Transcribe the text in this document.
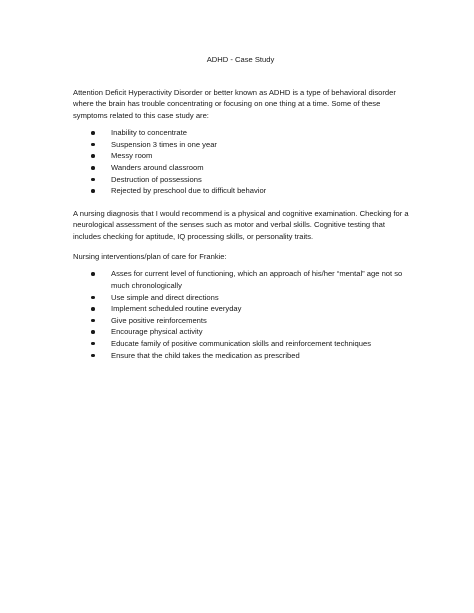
ADHD - Case Study

Attention Deficit Hyperactivity Disorder or better known as ADHD is a type of behavioral disorder where the brain has trouble concentrating or focusing on one thing at a time. Some of these symptoms related to this case study are:

Inability to concentrate
Suspension 3 times in one year
Messy room
Wanders around classroom
Destruction of possessions
Rejected by preschool due to difficult behavior

A nursing diagnosis that I would recommend is a physical and cognitive examination. Checking for a neurological assessment of the senses such as motor and verbal skills. Cognitive testing that includes checking for aptitude, IQ processing skills, or personality traits.

Nursing interventions/plan of care for Frankie:

Asses for current level of functioning, which an approach of his/her “mental” age not so much chronologically
Use simple and direct directions
Implement scheduled routine everyday
Give positive reinforcements
Encourage physical activity
Educate family of positive communication skills and reinforcement techniques
Ensure that the child takes the medication as prescribed
